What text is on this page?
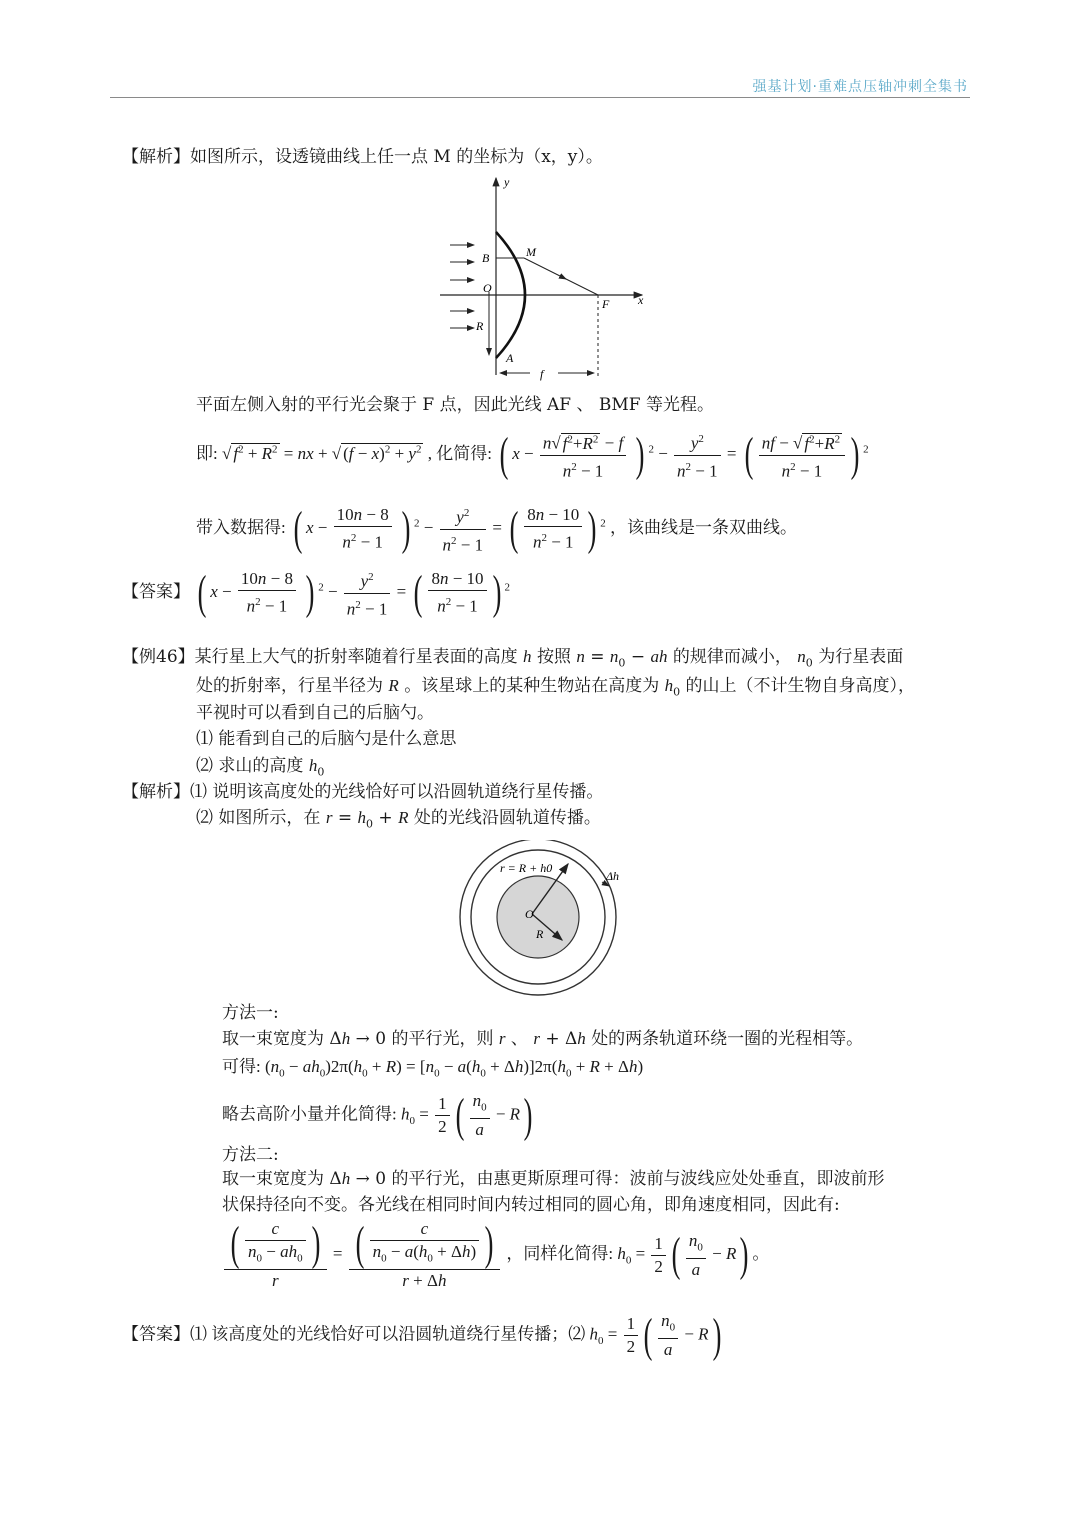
强基计划·重难点压轴冲刺全集书
【解析】如图所示，设透镜曲线上任一点 M 的坐标为（x，y）。
y
x
B	M
O
F
R
A
f
平面左侧入射的平行光会聚于 F 点，因此光线 AF 、 BMF 等光程。
即: √ $f^2 + R^2$ = nx + √ $(f - x)^2 + y^2$ , 化简得: ( $x - \frac{n√ f^2+R^2 - f}{n^2 - 1}$ ) $^2 - \frac{y^2}{n^2 - 1}$ = ( $\frac{nf - √ f^2+R^2}{n^2 - 1}$ ) $^2$
带入数据得: ( $x - \frac{10n - 8}{n^2 - 1}$ ) $^2 - \frac{y^2}{n^2 - 1}$ = ( $\frac{8n - 10}{n^2 - 1}$ ) $^2$ ，该曲线是一条双曲线。
【答案】 ( $x - \frac{10n - 8}{n^2 - 1}$ ) $^2 - \frac{y^2}{n^2 - 1}$ = ( $\frac{8n - 10}{n^2 - 1}$ ) $^2$
【例46】某行星上大气的折射率随着行星表面的高度 h 按照 $n = n_0$ − ah 的规律而减小， $n_0$ 为行星表面
处的折射率，行星半径为 R 。该星球上的某种生物站在高度为 $h_0$ 的山上（不计生物自身高度），
平视时可以看到自己的后脑勺。
⑴ 能看到自己的后脑勺是什么意思
⑵ 求山的高度 $h_0$
【解析】⑴ 说明该高度处的光线恰好可以沿圆轨道绕行星传播。
⑵ 如图所示，在 $r = h_0 + R$ 处的光线沿圆轨道传播。
r = R + h0
Δh
O
R
方法一:
取一束宽度为 Δh → 0 的平行光，则 r 、 r + Δh 处的两条轨道环绕一圈的光程相等。
可得: $(n_0 - ah_0)2\pi(h_0 + R) = [n_0 - a(h_0 + \Delta h)]2\pi(h_0 + R + \Delta h)$
略去高阶小量并化简得: $h_0 = \frac{1}{2}$ ( $\frac{n_0}{a} - R$)
方法二:
取一束宽度为 Δh → 0 的平行光，由惠更斯原理可得：波前与波线应处处垂直，即波前形
状保持径向不变。各光线在相同时间内转过相同的圆心角，即角速度相同，因此有:
$\frac{( \frac{c}{n_0 - ah_0} )}{r} = \frac{( \frac{c}{n_0 - a(h_0 + \Delta h)} )}{r + \Delta h}$ ，同样化简得: $h_0 = \frac{1}{2}$ ( $\frac{n_0}{a} - R$) 。
【答案】⑴ 该高度处的光线恰好可以沿圆轨道绕行星传播；⑵ $h_0 = \frac{1}{2}$ ( $\frac{n_0}{a} - R$)
